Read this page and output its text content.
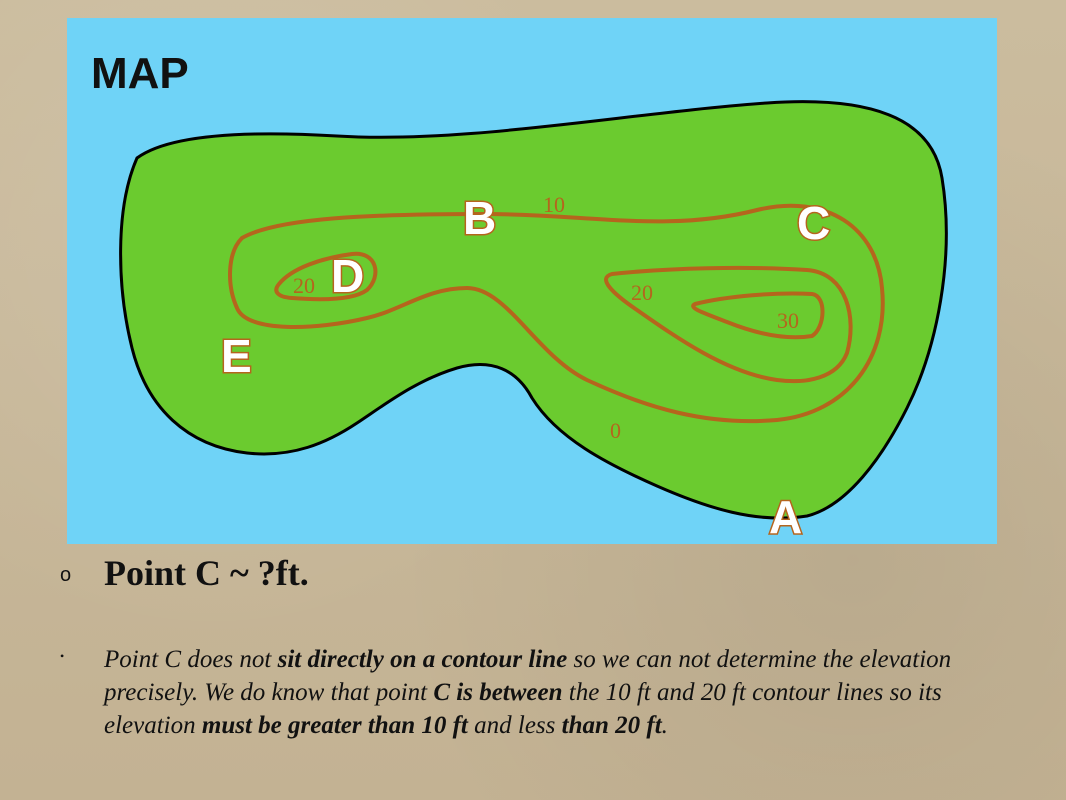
MAP
10
20	20
30
0
B	C
D
E
A
o Point C ~ ?ft.
• Point C does not sit directly on a contour line so we can not determine the elevation precisely. We do know that point C is between the 10 ft and 20 ft contour lines so its elevation must be greater than 10 ft and less than 20 ft.
